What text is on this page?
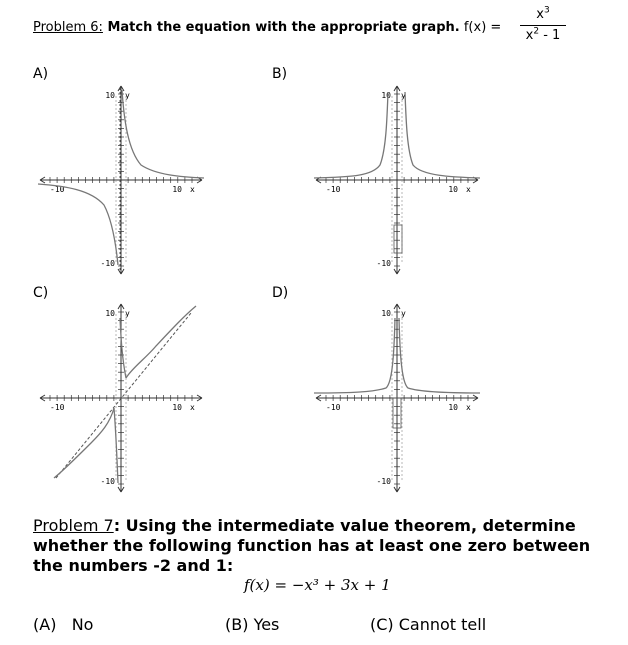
Problem 6: Match the equation with the appropriate graph. f(x) =
$x^3$
$x^2 - 1$
A)	B)
C)	D)
10 y
-10
-10	10 x
10 y
-10
-10	10 x
10 y
-10
-10	10 x
10 y
-10
-10	10 x
Problem 7: Using the intermediate value theorem, determine whether the following function has at least one zero between the numbers -2 and 1:
f(x) = −x³ + 3x + 1
(A) No	(B) Yes	(C) Cannot tell
